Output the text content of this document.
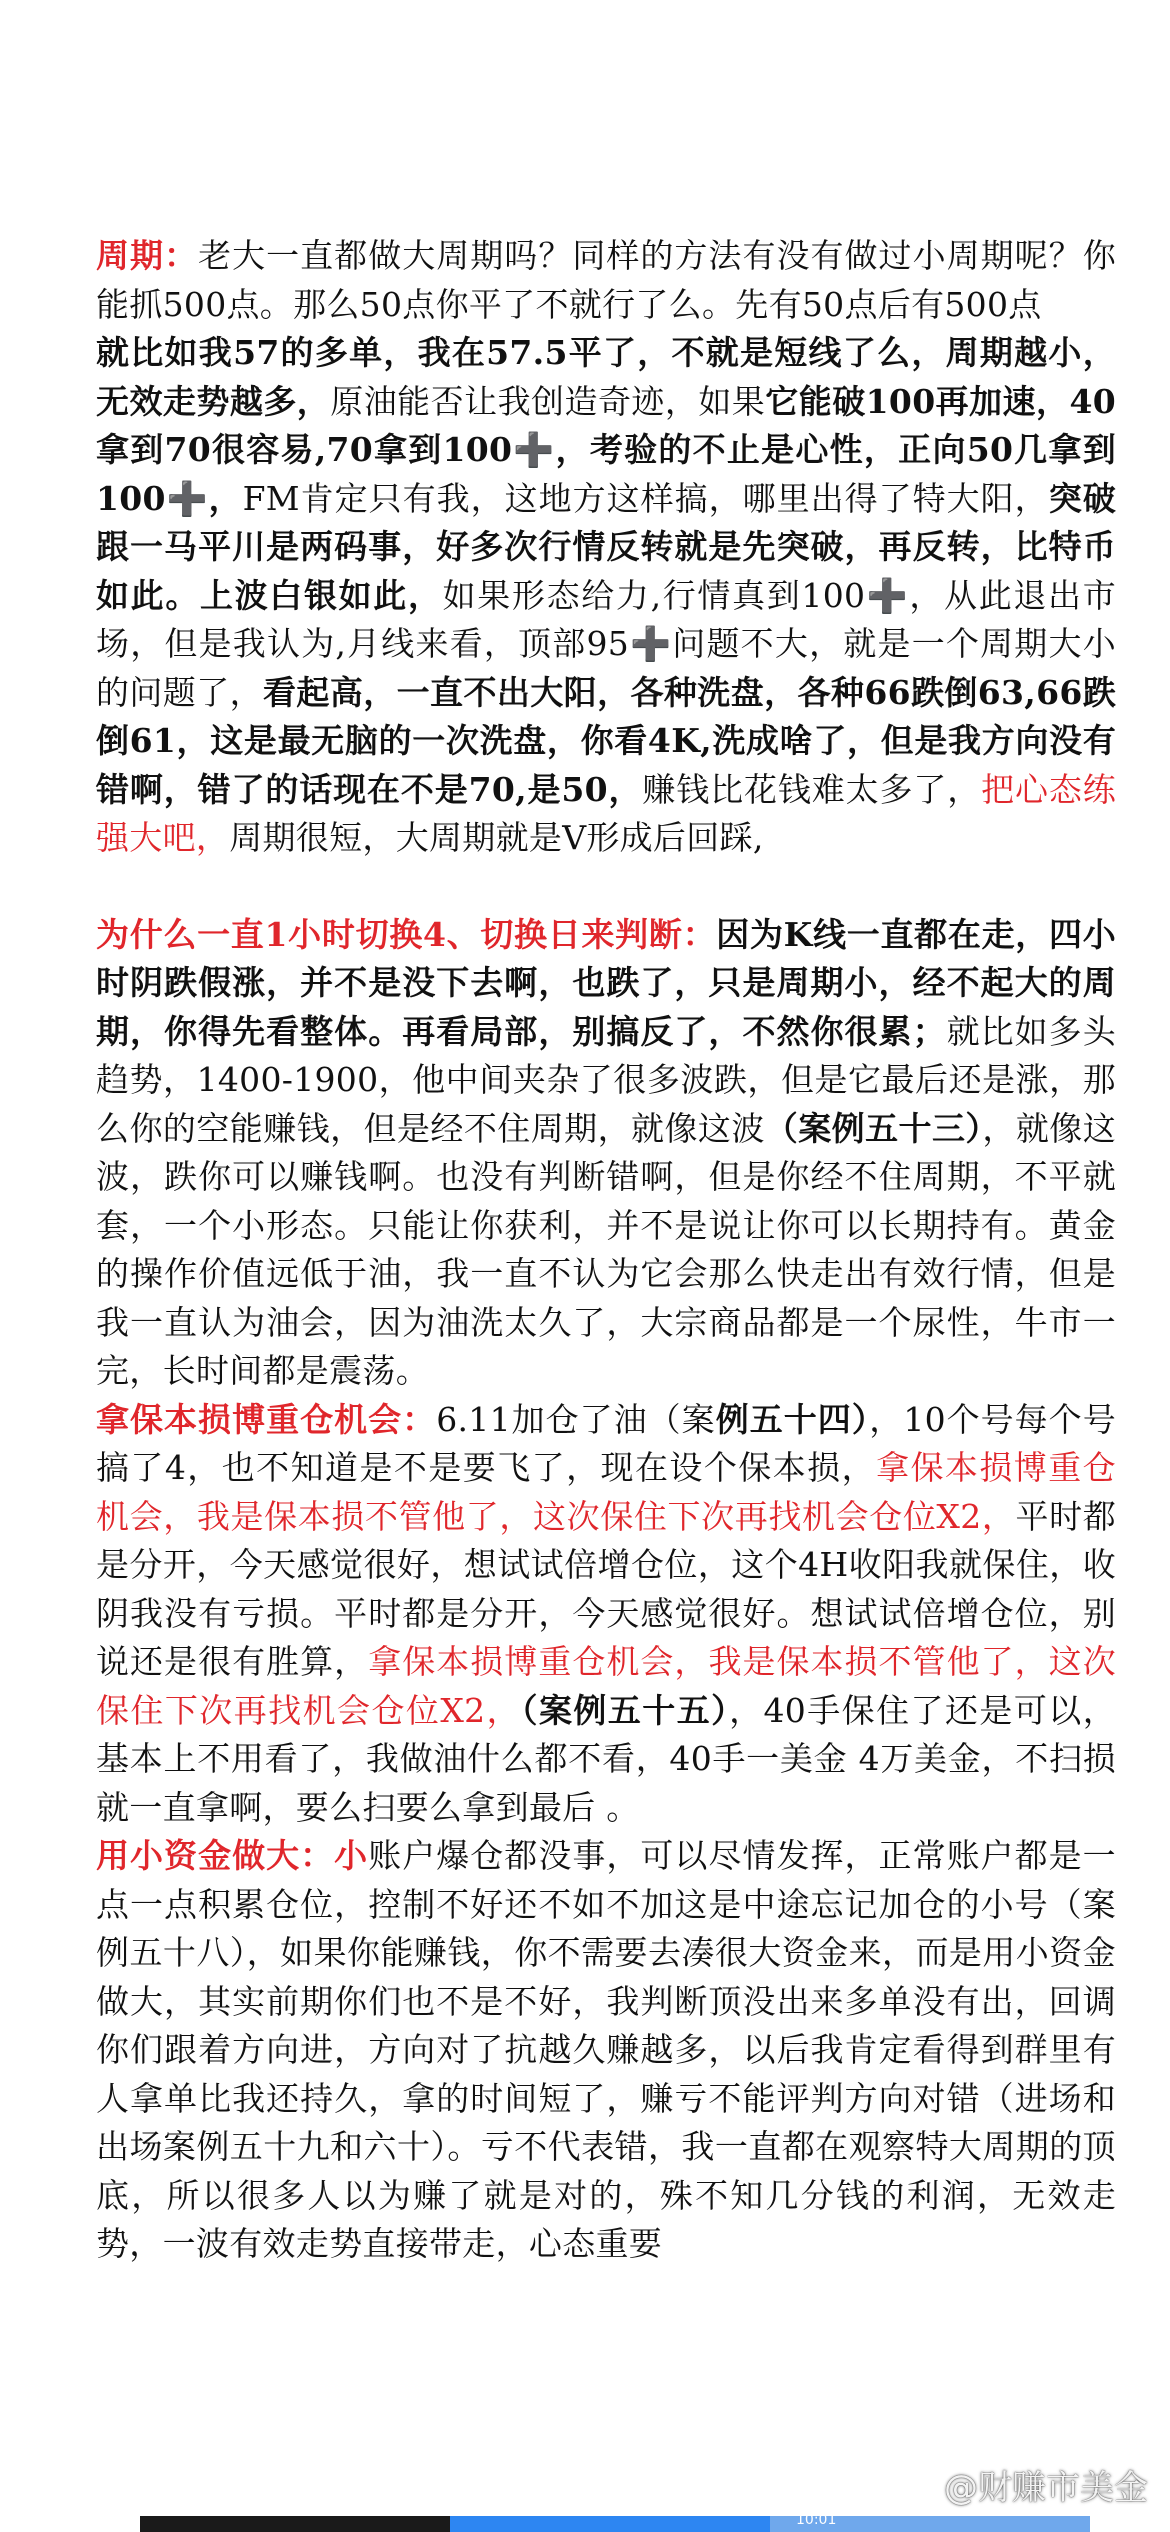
周期：老大一直都做大周期吗？同样的方法有没有做过小周期呢？你能抓500点。那么50点你平了不就行了么。先有50点后有500点

就比如我57的多单，我在57.5平了，不就是短线了么，周期越小，无效走势越多，原油能否让我创造奇迹，如果它能破100再加速，40拿到70很容易,70拿到100➕，考验的不止是心性，正向50几拿到100➕，FM肯定只有我，这地方这样搞，哪里出得了特大阳，突破跟一马平川是两码事，好多次行情反转就是先突破，再反转，比特币如此。上波白银如此，如果形态给力,行情真到100➕，从此退出市场，但是我认为,月线来看，顶部95➕问题不大，就是一个周期大小的问题了，看起高，一直不出大阳，各种洗盘，各种66跌倒63,66跌倒61，这是最无脑的一次洗盘，你看4K,洗成啥了，但是我方向没有错啊，错了的话现在不是70,是50，赚钱比花钱难太多了，把心态练强大吧，周期很短，大周期就是V形成后回踩,

为什么一直1小时切换4、切换日来判断：因为K线一直都在走，四小时阴跌假涨，并不是没下去啊，也跌了，只是周期小，经不起大的周期，你得先看整体。再看局部，别搞反了，不然你很累；就比如多头趋势，1400-1900，他中间夹杂了很多波跌，但是它最后还是涨，那么你的空能赚钱，但是经不住周期，就像这波（案例五十三），就像这波，跌你可以赚钱啊。也没有判断错啊，但是你经不住周期，不平就套，一个小形态。只能让你获利，并不是说让你可以长期持有。黄金的操作价值远低于油，我一直不认为它会那么快走出有效行情，但是我一直认为油会，因为油洗太久了，大宗商品都是一个尿性，牛市一完，长时间都是震荡。

拿保本损博重仓机会：6.11加仓了油（案例五十四），10个号每个号搞了4，也不知道是不是要飞了，现在设个保本损，拿保本损博重仓机会，我是保本损不管他了，这次保住下次再找机会仓位X2，平时都是分开，今天感觉很好，想试试倍增仓位，这个4H收阳我就保住，收阴我没有亏损。平时都是分开，今天感觉很好。想试试倍增仓位，别说还是很有胜算，拿保本损博重仓机会，我是保本损不管他了，这次保住下次再找机会仓位X2，（案例五十五），40手保住了还是可以，基本上不用看了，我做油什么都不看，40手一美金 4万美金，不扫损就一直拿啊，要么扫要么拿到最后 。

用小资金做大：小账户爆仓都没事，可以尽情发挥，正常账户都是一点一点积累仓位，控制不好还不如不加这是中途忘记加仓的小号（案例五十八），如果你能赚钱，你不需要去凑很大资金来，而是用小资金做大，其实前期你们也不是不好，我判断顶没出来多单没有出，回调你们跟着方向进，方向对了抗越久赚越多，以后我肯定看得到群里有人拿单比我还持久，拿的时间短了，赚亏不能评判方向对错（进场和出场案例五十九和六十）。亏不代表错，我一直都在观察特大周期的顶底，所以很多人以为赚了就是对的，殊不知几分钱的利润，无效走势，一波有效走势直接带走，心态重要

@财赚市美金
10:01
